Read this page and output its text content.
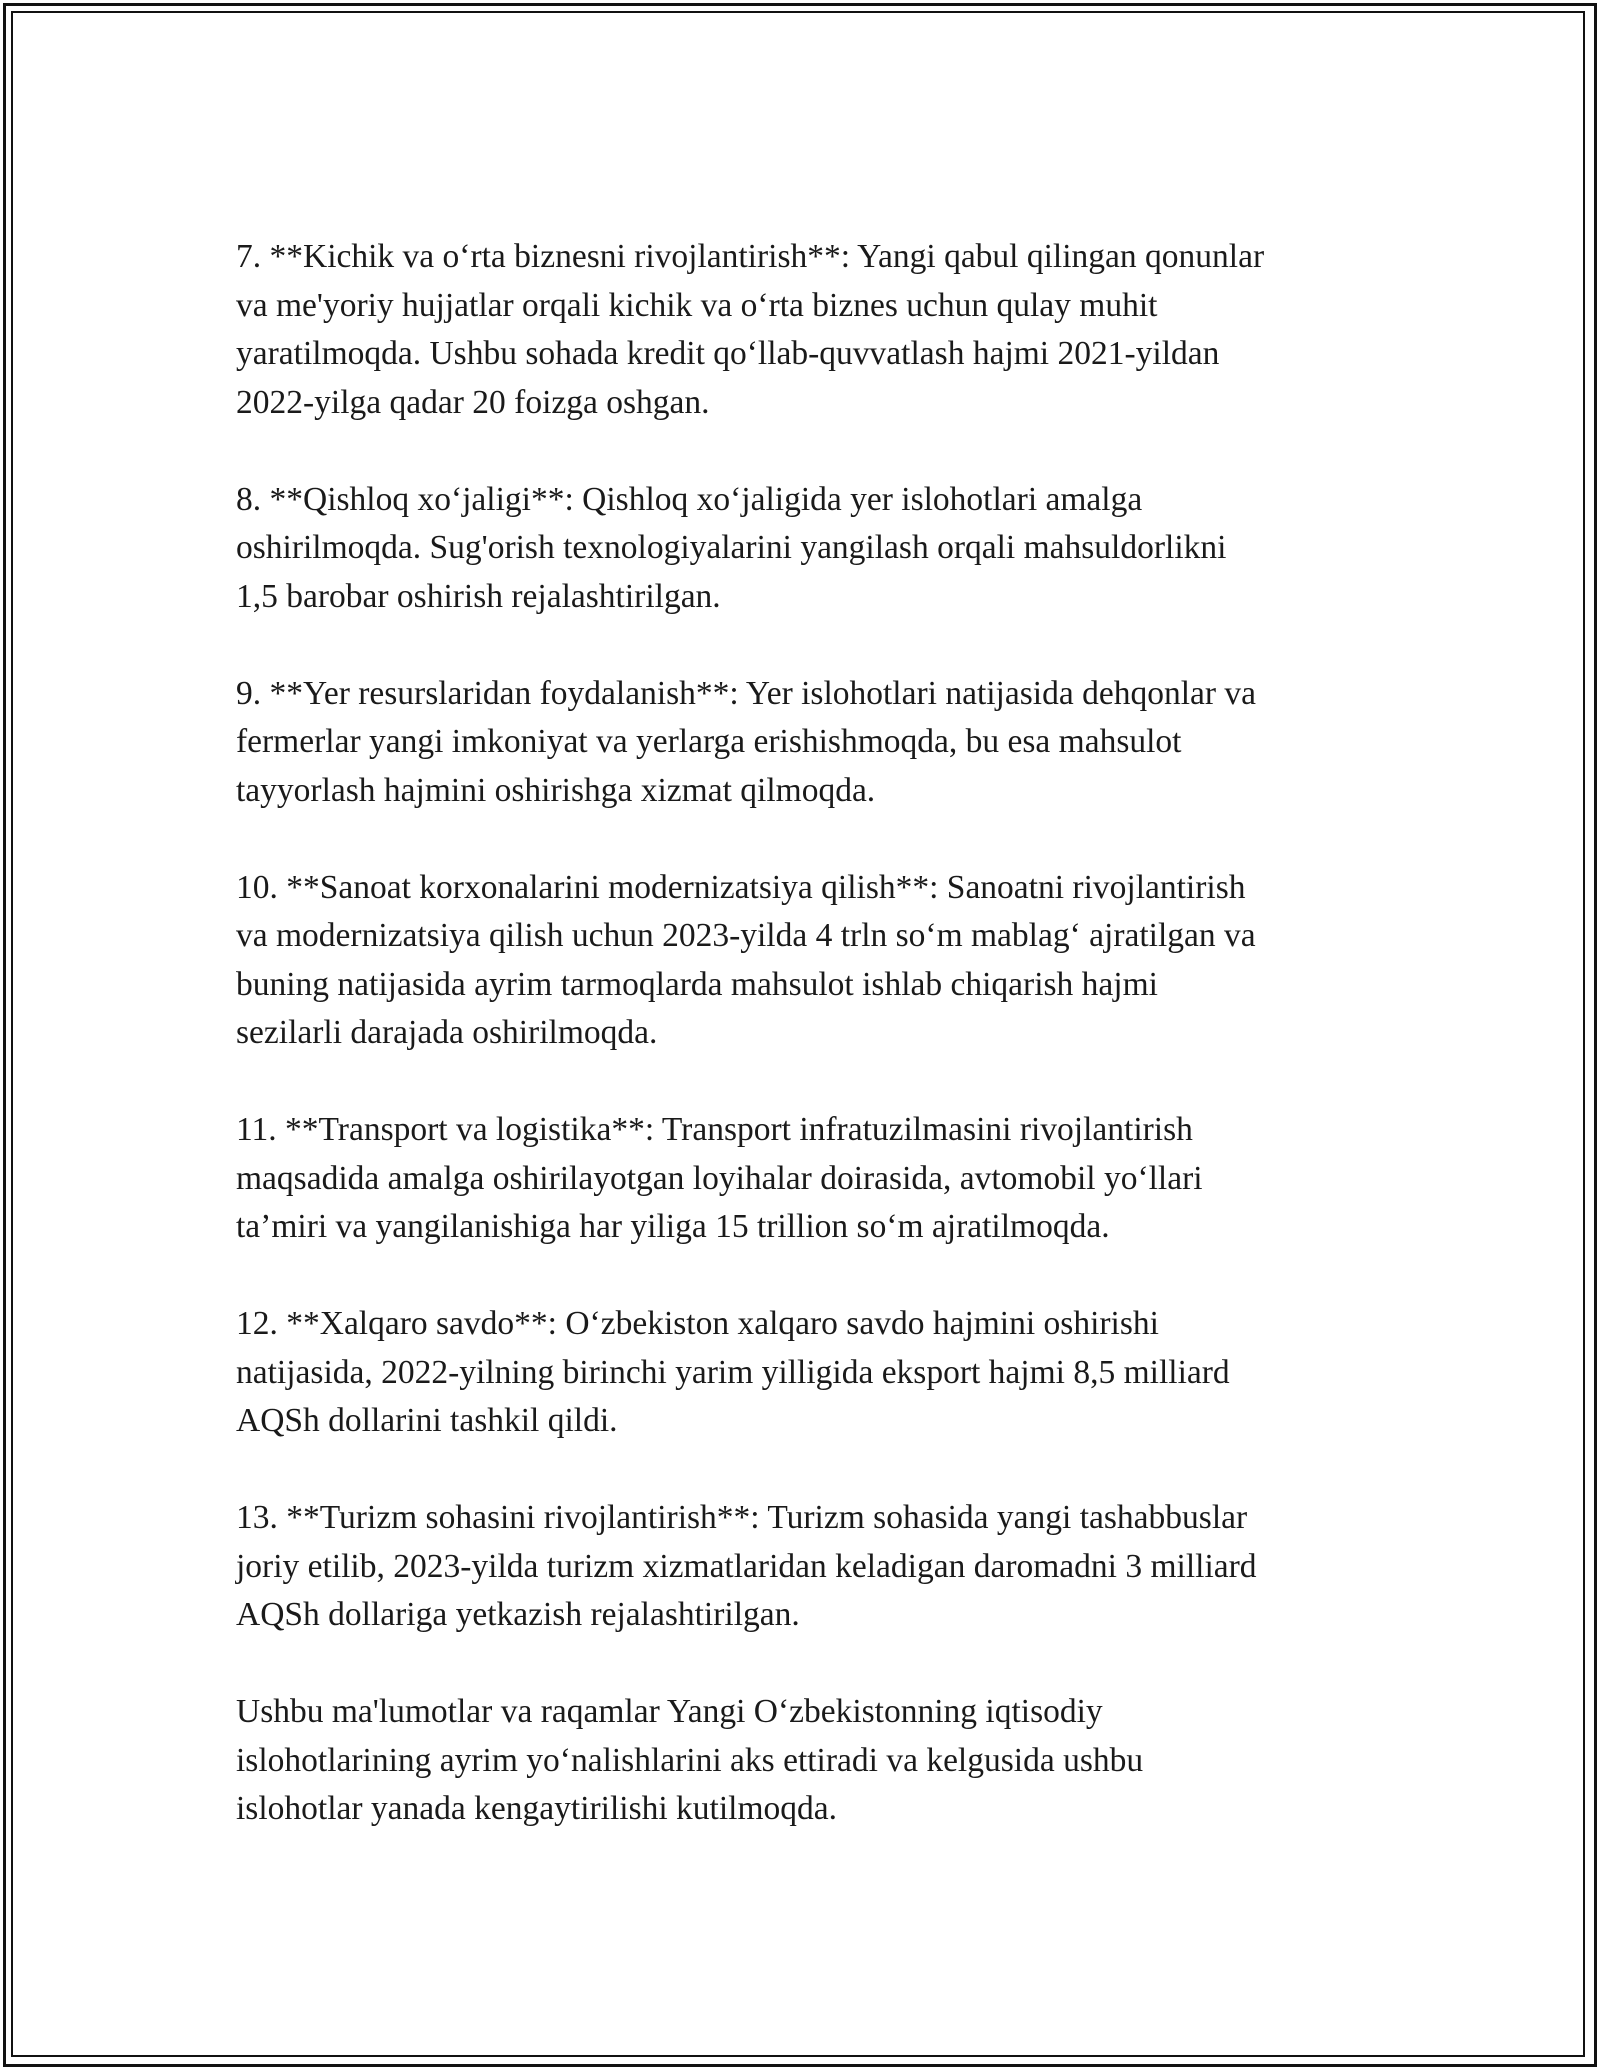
7. **Kichik va o‘rta biznesni rivojlantirish**: Yangi qabul qilingan qonunlar
va me'yoriy hujjatlar orqali kichik va o‘rta biznes uchun qulay muhit
yaratilmoqda. Ushbu sohada kredit qo‘llab-quvvatlash hajmi 2021-yildan
2022-yilga qadar 20 foizga oshgan.
8. **Qishloq xo‘jaligi**: Qishloq xo‘jaligida yer islohotlari amalga
oshirilmoqda. Sug'orish texnologiyalarini yangilash orqali mahsuldorlikni
1,5 barobar oshirish rejalashtirilgan.
9. **Yer resurslaridan foydalanish**: Yer islohotlari natijasida dehqonlar va
fermerlar yangi imkoniyat va yerlarga erishishmoqda, bu esa mahsulot
tayyorlash hajmini oshirishga xizmat qilmoqda.
10. **Sanoat korxonalarini modernizatsiya qilish**: Sanoatni rivojlantirish
va modernizatsiya qilish uchun 2023-yilda 4 trln so‘m mablag‘ ajratilgan va
buning natijasida ayrim tarmoqlarda mahsulot ishlab chiqarish hajmi
sezilarli darajada oshirilmoqda.
11. **Transport va logistika**: Transport infratuzilmasini rivojlantirish
maqsadida amalga oshirilayotgan loyihalar doirasida, avtomobil yo‘llari
ta’miri va yangilanishiga har yiliga 15 trillion so‘m ajratilmoqda.
12. **Xalqaro savdo**: O‘zbekiston xalqaro savdo hajmini oshirishi
natijasida, 2022-yilning birinchi yarim yilligida eksport hajmi 8,5 milliard
AQSh dollarini tashkil qildi.
13. **Turizm sohasini rivojlantirish**: Turizm sohasida yangi tashabbuslar
joriy etilib, 2023-yilda turizm xizmatlaridan keladigan daromadni 3 milliard
AQSh dollariga yetkazish rejalashtirilgan.
Ushbu ma'lumotlar va raqamlar Yangi O‘zbekistonning iqtisodiy
islohotlarining ayrim yo‘nalishlarini aks ettiradi va kelgusida ushbu
islohotlar yanada kengaytirilishi kutilmoqda.
